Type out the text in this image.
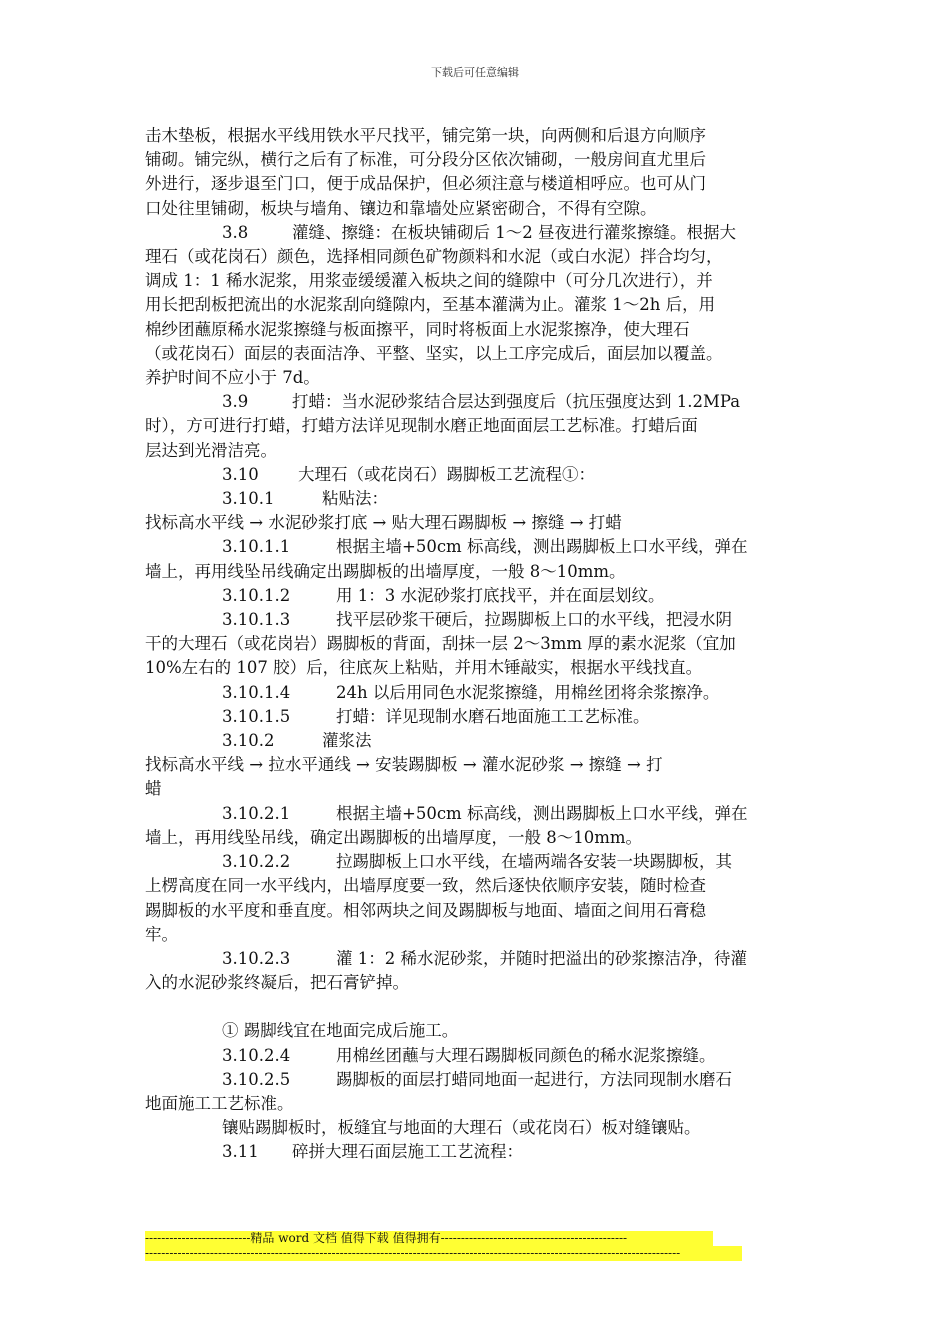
下载后可任意编辑

击木垫板，根据水平线用铁水平尺找平，铺完第一块，向两侧和后退方向顺序

铺砌。铺完纵，横行之后有了标准，可分段分区依次铺砌，一般房间直尤里后

外进行，逐步退至门口，便于成品保护，但必须注意与楼道相呼应。也可从门

口处往里铺砌，板块与墙角、镶边和靠墙处应紧密砌合，不得有空隙。

3.8	灌缝、擦缝：在板块铺砌后 1～2 昼夜进行灌浆擦缝。根据大

理石（或花岗石）颜色，选择相同颜色矿物颜料和水泥（或白水泥）拌合均匀，

调成 1：1 稀水泥浆，用浆壶缓缓灌入板块之间的缝隙中（可分几次进行），并

用长把刮板把流出的水泥浆刮向缝隙内，至基本灌满为止。灌浆 1～2h 后，用

棉纱团蘸原稀水泥浆擦缝与板面擦平，同时将板面上水泥浆擦净，使大理石

（或花岗石）面层的表面洁净、平整、坚实，以上工序完成后，面层加以覆盖。

养护时间不应小于 7d。

3.9	打蜡：当水泥砂浆结合层达到强度后（抗压强度达到 1.2MPa

时），方可进行打蜡，打蜡方法详见现制水磨正地面面层工艺标准。打蜡后面

层达到光滑洁亮。

3.10 大理石（或花岗石）踢脚板工艺流程①：

3.10.1	粘贴法：

找标高水平线 → 水泥砂浆打底 → 贴大理石踢脚板 → 擦缝 → 打蜡

3.10.1.1	根据主墙+50cm 标高线，测出踢脚板上口水平线，弹在

墙上，再用线坠吊线确定出踢脚板的出墙厚度，一般 8～10mm。

3.10.1.2	用 1：3 水泥砂浆打底找平，并在面层划纹。

3.10.1.3	找平层砂浆干硬后，拉踢脚板上口的水平线，把浸水阴

干的大理石（或花岗岩）踢脚板的背面，刮抹一层 2～3mm 厚的素水泥浆（宜加

10%左右的 107 胶）后，往底灰上粘贴，并用木锤敲实，根据水平线找直。

3.10.1.4	24h 以后用同色水泥浆擦缝，用棉丝团将余浆擦净。

3.10.1.5	打蜡：详见现制水磨石地面施工工艺标准。

3.10.2	灌浆法

找标高水平线 → 拉水平通线 → 安装踢脚板 → 灌水泥砂浆 → 擦缝 → 打

蜡

3.10.2.1	根据主墙+50cm 标高线，测出踢脚板上口水平线，弹在

墙上，再用线坠吊线，确定出踢脚板的出墙厚度，一般 8～10mm。

3.10.2.2	拉踢脚板上口水平线，在墙两端各安装一块踢脚板，其

上楞高度在同一水平线内，出墙厚度要一致，然后逐快依顺序安装，随时检查

踢脚板的水平度和垂直度。相邻两块之间及踢脚板与地面、墙面之间用石膏稳

牢。

3.10.2.3	灌 1：2 稀水泥砂浆，并随时把溢出的砂浆擦洁净，待灌

入的水泥砂浆终凝后，把石膏铲掉。

① 踢脚线宜在地面完成后施工。

3.10.2.4	用棉丝团蘸与大理石踢脚板同颜色的稀水泥浆擦缝。

3.10.2.5	踢脚板的面层打蜡同地面一起进行，方法同现制水磨石

地面施工工艺标准。

镶贴踢脚板时，板缝宜与地面的大理石（或花岗石）板对缝镶贴。

3.11 碎拼大理石面层施工工艺流程：

--------------------------精品 word 文档 值得下载 值得拥有----------------------------------------------
------------------------------------------------------------------------------------------------------------------------------------
